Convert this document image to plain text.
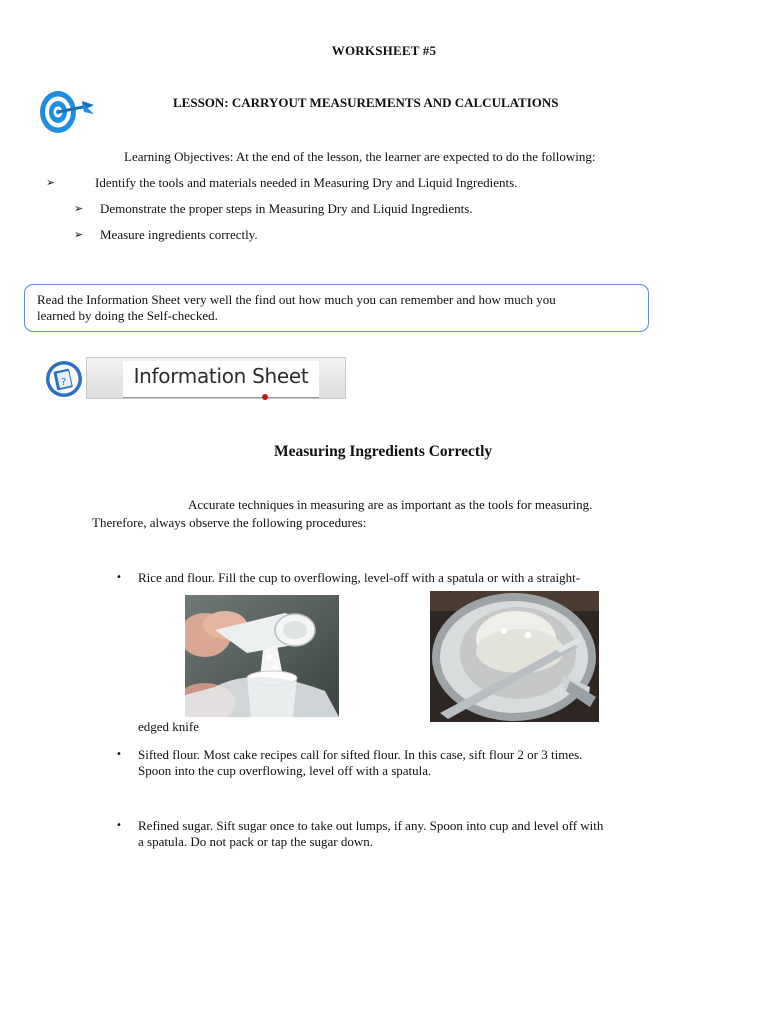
WORKSHEET #5
LESSON: CARRYOUT MEASUREMENTS AND CALCULATIONS
Learning Objectives: At the end of the lesson, the learner are expected to do the following:
➢	Identify the tools and materials needed in Measuring Dry and Liquid Ingredients.
➢ Demonstrate the proper steps in Measuring Dry and Liquid Ingredients.
➢ Measure ingredients correctly.
Read the Information Sheet very well the find out how much you can remember and how much you
learned by doing the Self-checked.
?	Information Sheet
Measuring Ingredients Correctly
Accurate techniques in measuring are as important as the tools for measuring.
Therefore, always observe the following procedures:
• Rice and flour. Fill the cup to overflowing, level-off with a spatula or with a straight-
edged knife
• Sifted flour. Most cake recipes call for sifted flour. In this case, sift flour 2 or 3 times.
Spoon into the cup overflowing, level off with a spatula.
• Refined sugar. Sift sugar once to take out lumps, if any. Spoon into cup and level off with
a spatula. Do not pack or tap the sugar down.
